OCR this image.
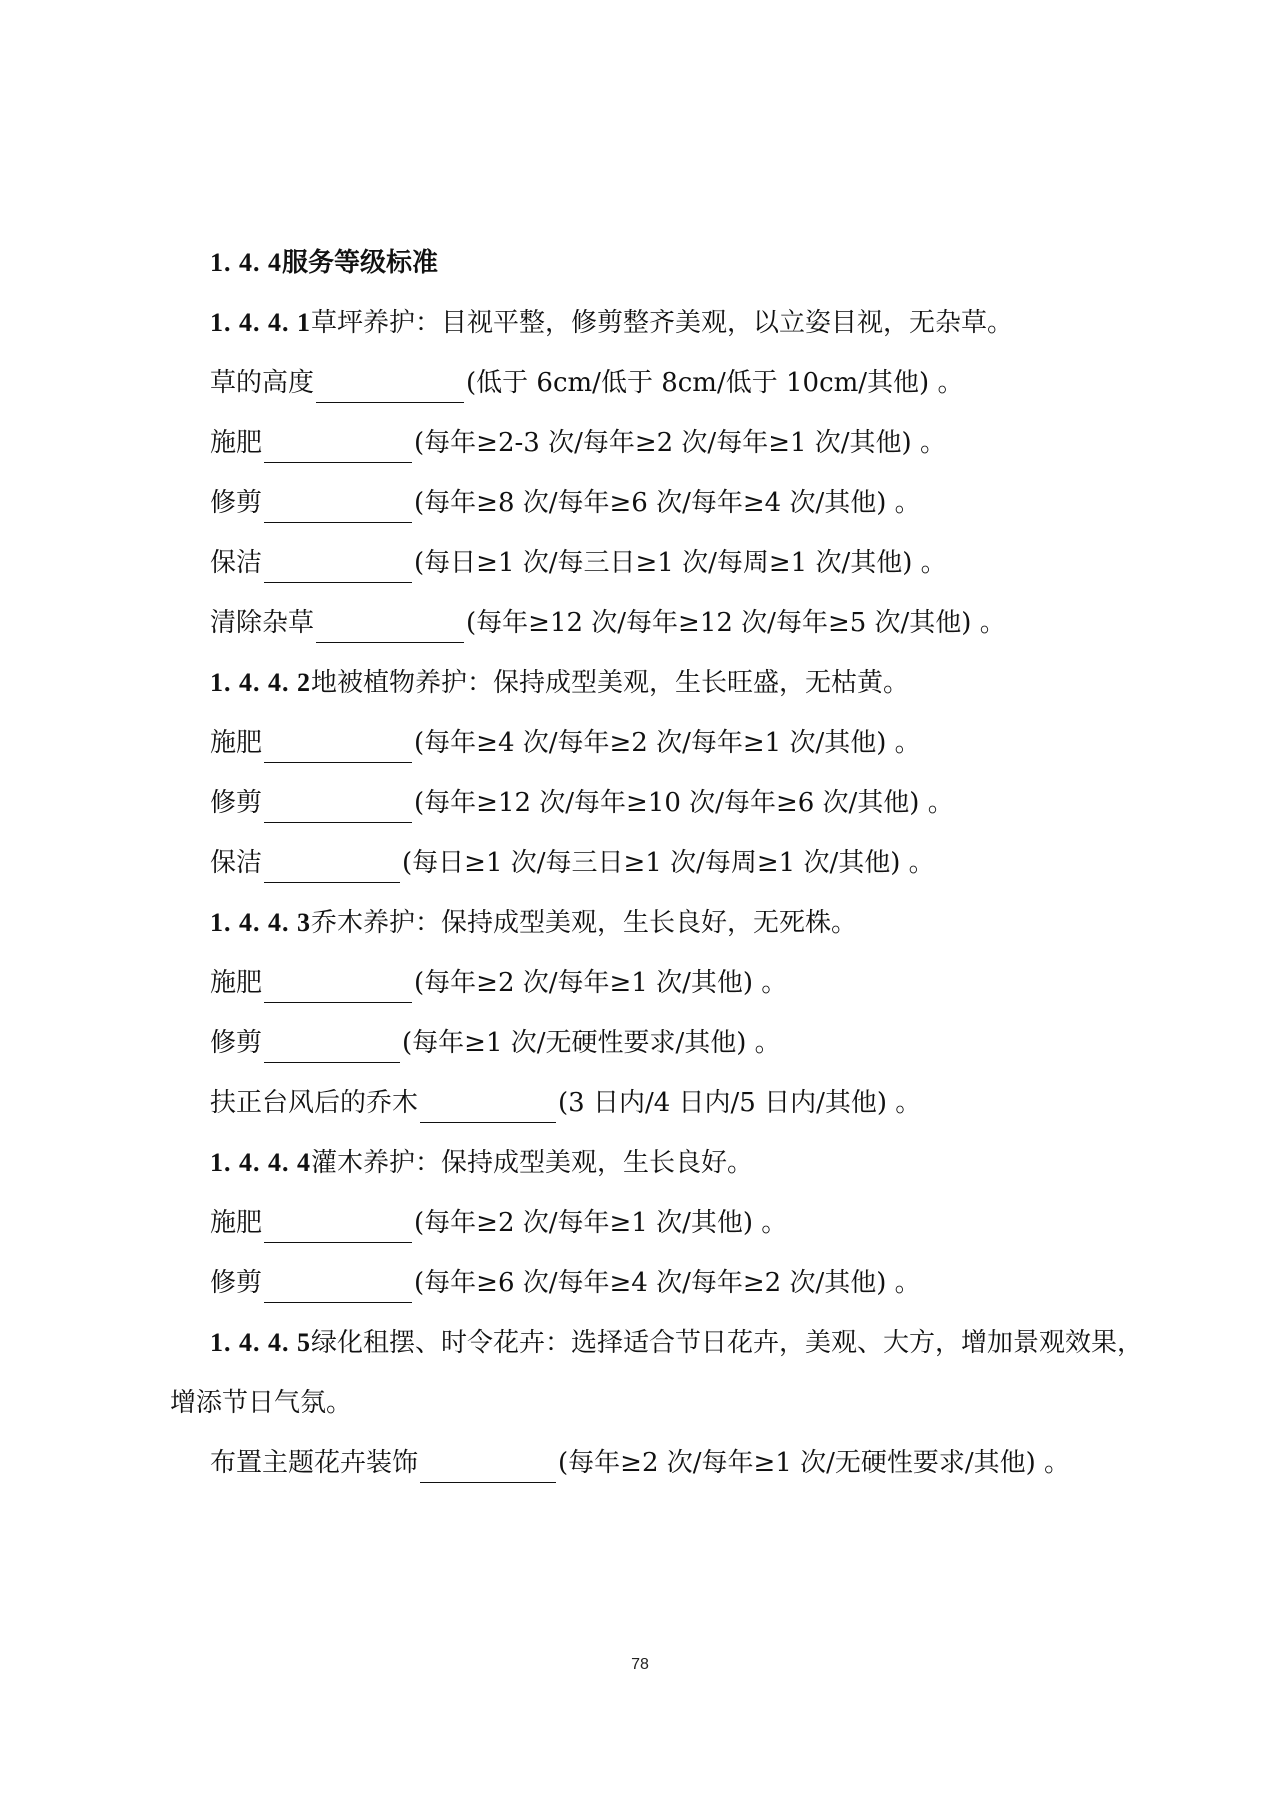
1. 4. 4服务等级标准
1. 4. 4. 1草坪养护：目视平整，修剪整齐美观，以立姿目视，无杂草。
草的高度	(低于 6cm/低于 8cm/低于 10cm/其他) 。
施肥	(每年≥2-3 次/每年≥2 次/每年≥1 次/其他) 。
修剪	(每年≥8 次/每年≥6 次/每年≥4 次/其他) 。
保洁	(每日≥1 次/每三日≥1 次/每周≥1 次/其他) 。
清除杂草	(每年≥12 次/每年≥12 次/每年≥5 次/其他) 。
1. 4. 4. 2地被植物养护：保持成型美观，生长旺盛，无枯黄。
施肥	(每年≥4 次/每年≥2 次/每年≥1 次/其他) 。
修剪	(每年≥12 次/每年≥10 次/每年≥6 次/其他) 。
保洁	(每日≥1 次/每三日≥1 次/每周≥1 次/其他) 。
1. 4. 4. 3乔木养护：保持成型美观，生长良好，无死株。
施肥	(每年≥2 次/每年≥1 次/其他) 。
修剪	(每年≥1 次/无硬性要求/其他) 。
扶正台风后的乔木	(3 日内/4 日内/5 日内/其他) 。
1. 4. 4. 4灌木养护：保持成型美观，生长良好。
施肥	(每年≥2 次/每年≥1 次/其他) 。
修剪	(每年≥6 次/每年≥4 次/每年≥2 次/其他) 。
1. 4. 4. 5绿化租摆、时令花卉：选择适合节日花卉，美观、大方，增加景观效果，
增添节日气氛。
布置主题花卉装饰	(每年≥2 次/每年≥1 次/无硬性要求/其他) 。
78
